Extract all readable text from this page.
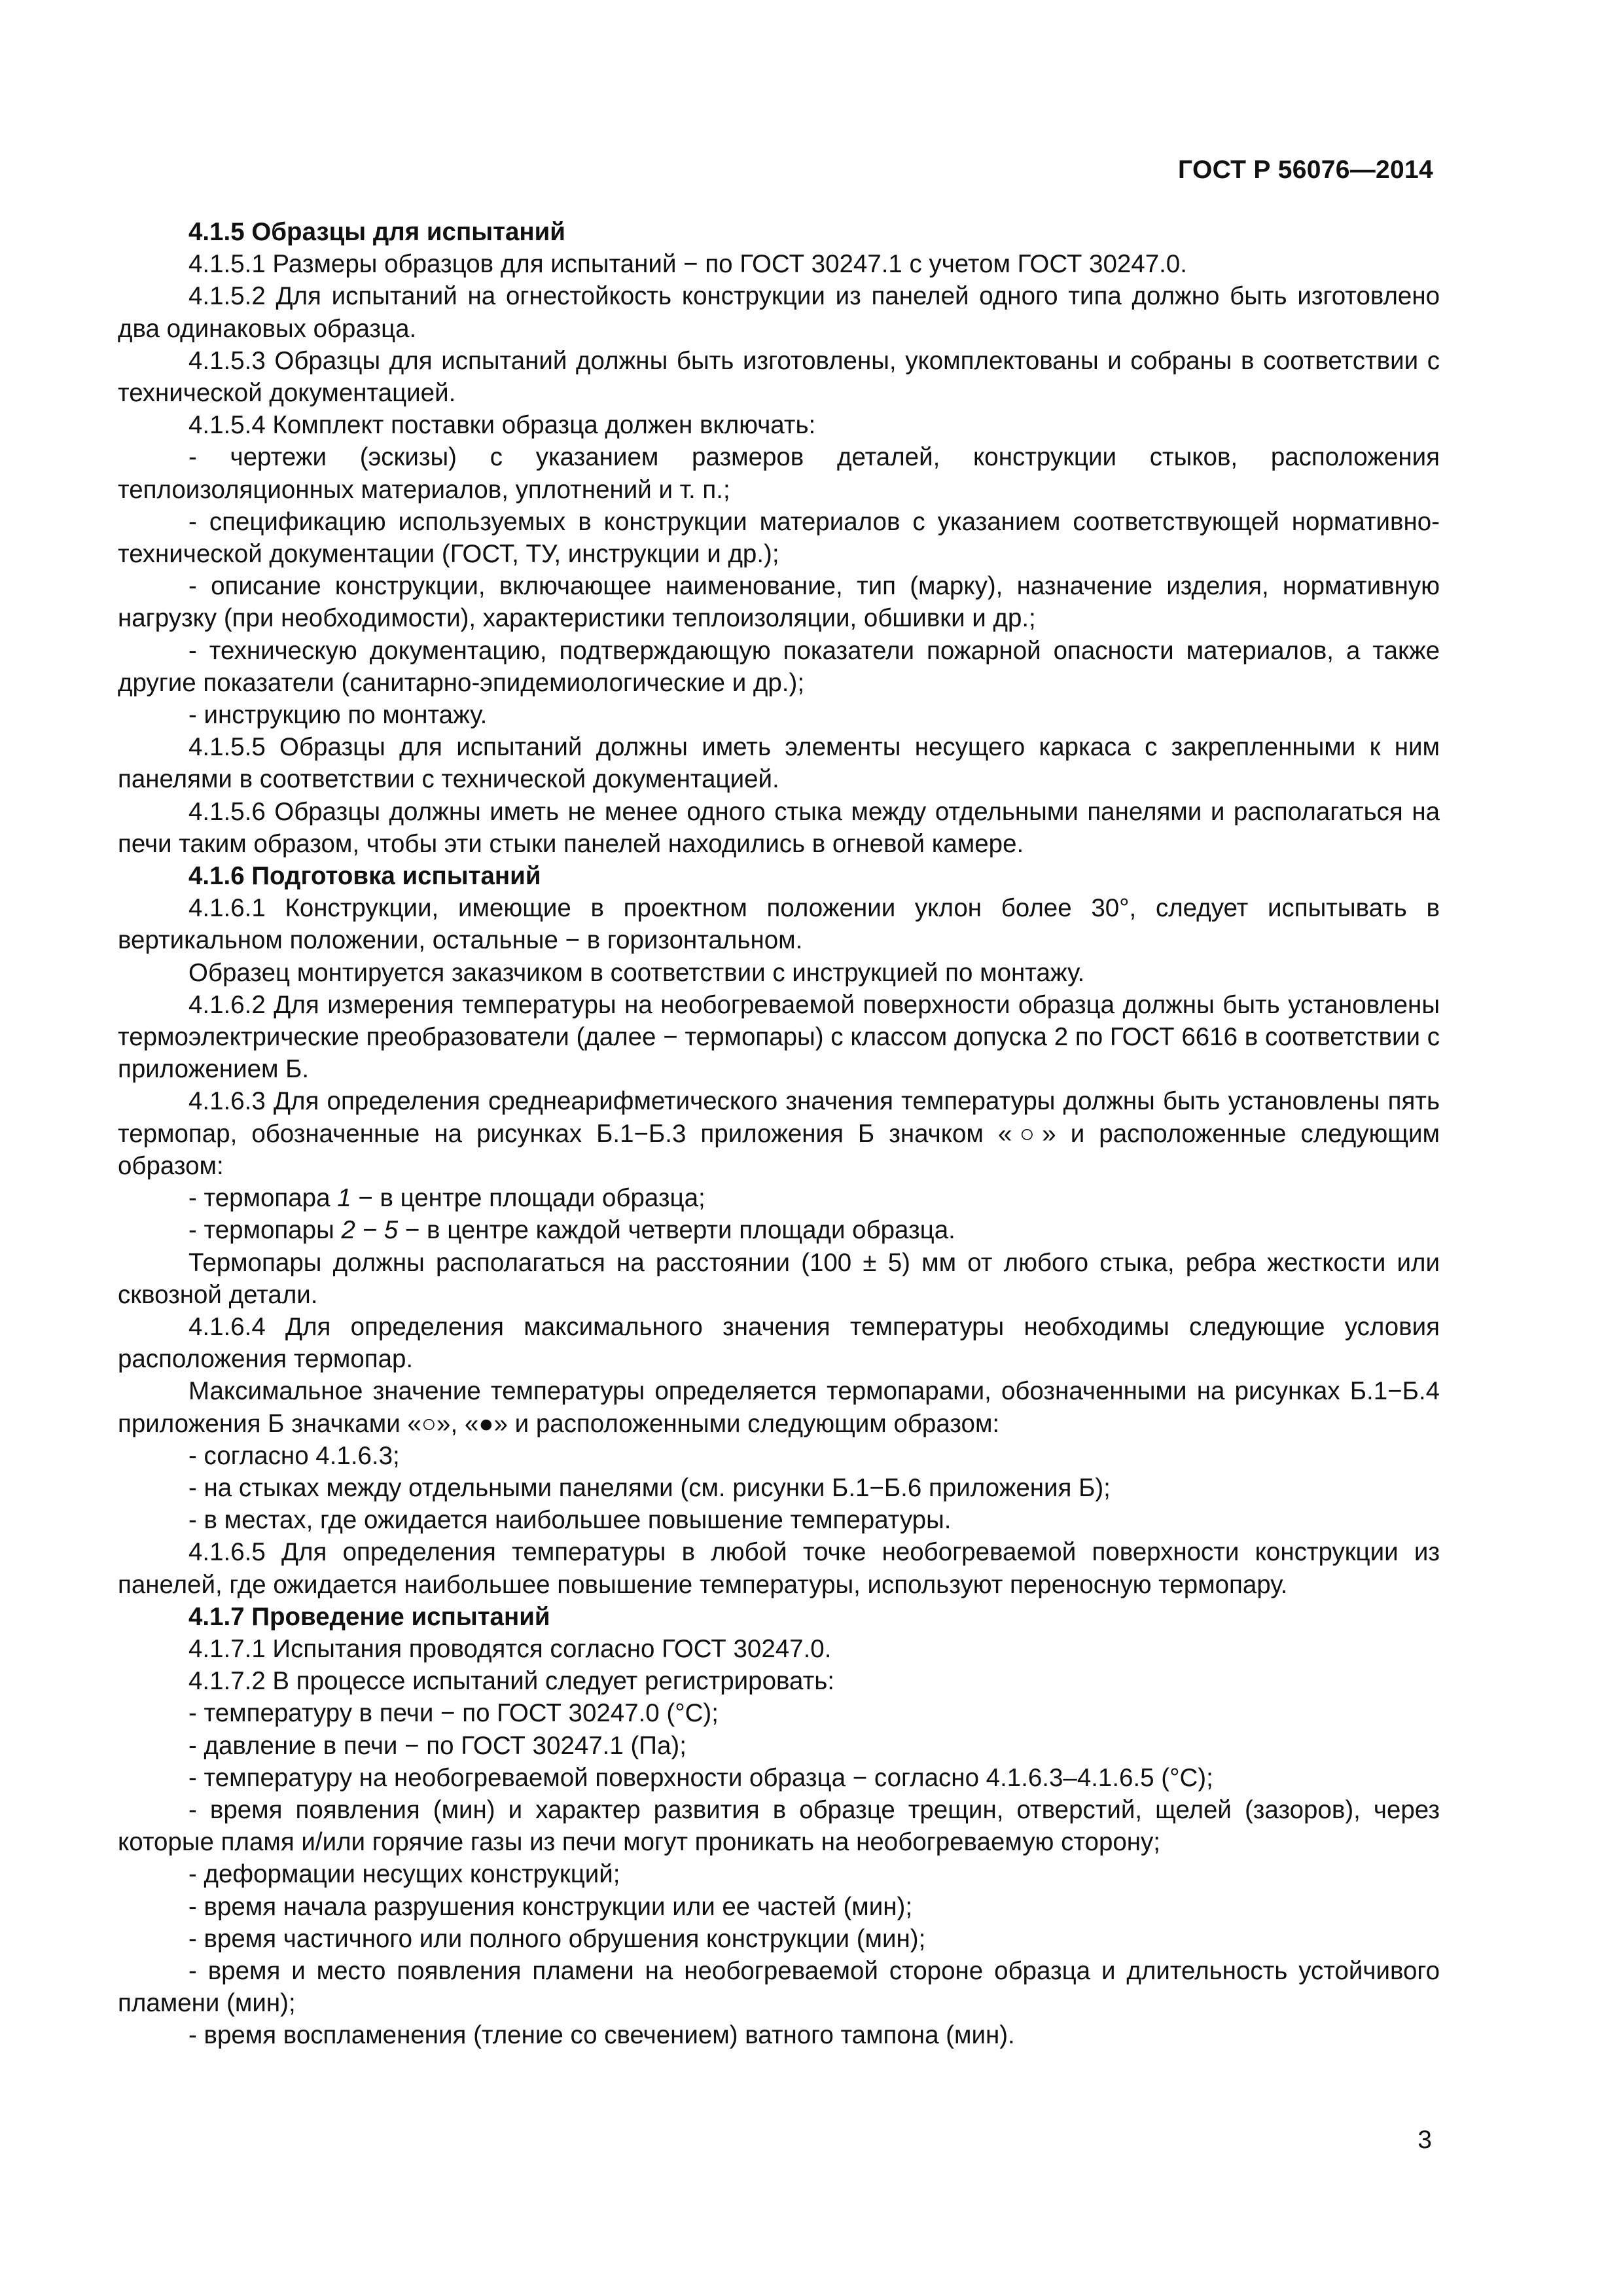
ГОСТ Р 56076—2014

4.1.5 Образцы для испытаний

4.1.5.1 Размеры образцов для испытаний − по ГОСТ 30247.1 с учетом ГОСТ 30247.0.

4.1.5.2 Для испытаний на огнестойкость конструкции из панелей одного типа должно быть изготовлено два одинаковых образца.

4.1.5.3 Образцы для испытаний должны быть изготовлены, укомплектованы и собраны в соответствии с технической документацией.

4.1.5.4 Комплект поставки образца должен включать:

- чертежи (эскизы) с указанием размеров деталей, конструкции стыков, расположения теплоизоляционных материалов, уплотнений и т. п.;

- спецификацию используемых в конструкции материалов с указанием соответствующей нормативно-технической документации (ГОСТ, ТУ, инструкции и др.);

- описание конструкции, включающее наименование, тип (марку), назначение изделия, нормативную нагрузку (при необходимости), характеристики теплоизоляции, обшивки и др.;

- техническую документацию, подтверждающую показатели пожарной опасности материалов, а также другие показатели (санитарно-эпидемиологические и др.);

- инструкцию по монтажу.

4.1.5.5 Образцы для испытаний должны иметь элементы несущего каркаса с закрепленными к ним панелями в соответствии с технической документацией.

4.1.5.6 Образцы должны иметь не менее одного стыка между отдельными панелями и располагаться на печи таким образом, чтобы эти стыки панелей находились в огневой камере.

4.1.6 Подготовка испытаний

4.1.6.1 Конструкции, имеющие в проектном положении уклон более 30°, следует испытывать в вертикальном положении, остальные − в горизонтальном.

Образец монтируется заказчиком в соответствии с инструкцией по монтажу.

4.1.6.2 Для измерения температуры на необогреваемой поверхности образца должны быть установлены термоэлектрические преобразователи (далее − термопары) с классом допуска 2 по ГОСТ 6616 в соответствии с приложением Б.

4.1.6.3 Для определения среднеарифметического значения температуры должны быть установлены пять термопар, обозначенные на рисунках Б.1−Б.3 приложения Б значком «○» и расположенные следующим образом:

- термопара 1 − в центре площади образца;

- термопары 2 − 5 − в центре каждой четверти площади образца.

Термопары должны располагаться на расстоянии (100 ± 5) мм от любого стыка, ребра жесткости или сквозной детали.

4.1.6.4 Для определения максимального значения температуры необходимы следующие условия расположения термопар.

Максимальное значение температуры определяется термопарами, обозначенными на рисунках Б.1−Б.4 приложения Б значками «○», «●» и расположенными следующим образом:

- согласно 4.1.6.3;

- на стыках между отдельными панелями (см. рисунки Б.1−Б.6 приложения Б);

- в местах, где ожидается наибольшее повышение температуры.

4.1.6.5 Для определения температуры в любой точке необогреваемой поверхности конструкции из панелей, где ожидается наибольшее повышение температуры, используют переносную термопару.

4.1.7 Проведение испытаний

4.1.7.1 Испытания проводятся согласно ГОСТ 30247.0.

4.1.7.2 В процессе испытаний следует регистрировать:

- температуру в печи − по ГОСТ 30247.0 (°С);

- давление в печи − по ГОСТ 30247.1 (Па);

- температуру на необогреваемой поверхности образца − согласно 4.1.6.3–4.1.6.5 (°С);

- время появления (мин) и характер развития в образце трещин, отверстий, щелей (зазоров), через которые пламя и/или горячие газы из печи могут проникать на необогреваемую сторону;

- деформации несущих конструкций;

- время начала разрушения конструкции или ее частей (мин);

- время частичного или полного обрушения конструкции (мин);

- время и место появления пламени на необогреваемой стороне образца и длительность устойчивого пламени (мин);

- время воспламенения (тление со свечением) ватного тампона (мин).

3
